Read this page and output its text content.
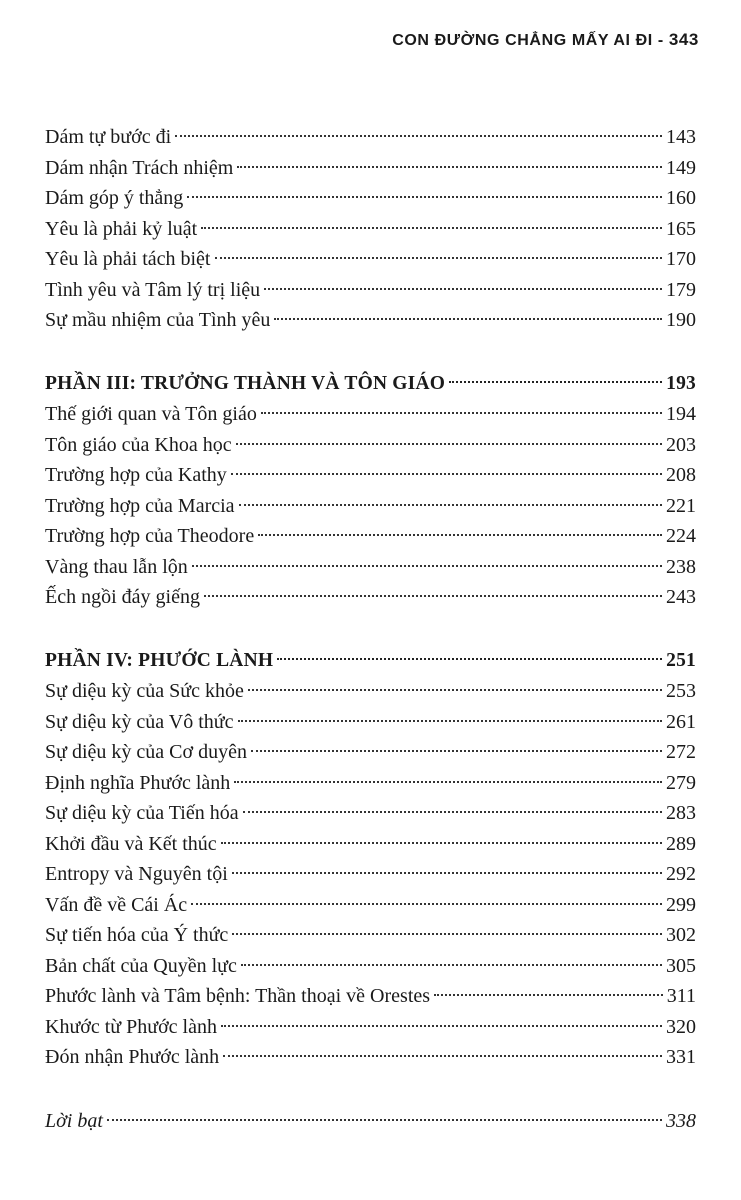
CON ĐƯỜNG CHẲNG MẤY AI ĐI - 343
Dám tự bước đi	143
Dám nhận Trách nhiệm	149
Dám góp ý thẳng	160
Yêu là phải kỷ luật	165
Yêu là phải tách biệt	170
Tình yêu và Tâm lý trị liệu	179
Sự mầu nhiệm của Tình yêu	190
PHẦN III: TRƯỞNG THÀNH VÀ TÔN GIÁO	193
Thế giới quan và Tôn giáo	194
Tôn giáo của Khoa học	203
Trường hợp của Kathy	208
Trường hợp của Marcia	221
Trường hợp của Theodore	224
Vàng thau lẫn lộn	238
Ếch ngồi đáy giếng	243
PHẦN IV: PHƯỚC LÀNH	251
Sự diệu kỳ của Sức khỏe	253
Sự diệu kỳ của Vô thức	261
Sự diệu kỳ của Cơ duyên	272
Định nghĩa Phước lành	279
Sự diệu kỳ của Tiến hóa	283
Khởi đầu và Kết thúc	289
Entropy và Nguyên tội	292
Vấn đề về Cái Ác	299
Sự tiến hóa của Ý thức	302
Bản chất của Quyền lực	305
Phước lành và Tâm bệnh: Thần thoại về Orestes	311
Khước từ Phước lành	320
Đón nhận Phước lành	331
Lời bạt	338
